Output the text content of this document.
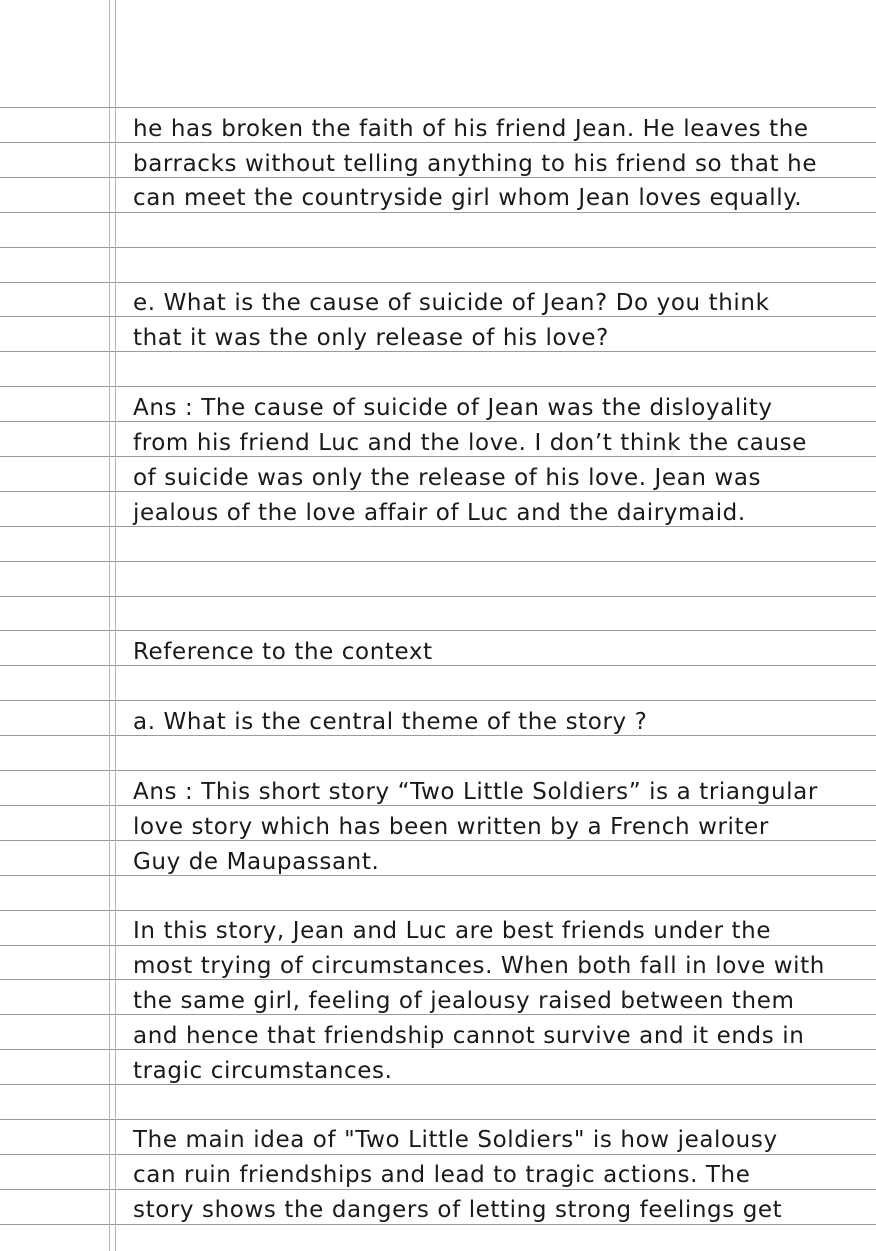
he has broken the faith of his friend Jean. He leaves the
barracks without telling anything to his friend so that he
can meet the countryside girl whom Jean loves equally.
e. What is the cause of suicide of Jean? Do you think
that it was the only release of his love?
Ans : The cause of suicide of Jean was the disloyality
from his friend Luc and the love. I don’t think the cause
of suicide was only the release of his love. Jean was
jealous of the love affair of Luc and the dairymaid.
Reference to the context
a. What is the central theme of the story ?
Ans : This short story “Two Little Soldiers” is a triangular
love story which has been written by a French writer
Guy de Maupassant.
In this story, Jean and Luc are best friends under the
most trying of circumstances. When both fall in love with
the same girl, feeling of jealousy raised between them
and hence that friendship cannot survive and it ends in
tragic circumstances.
The main idea of "Two Little Soldiers" is how jealousy
can ruin friendships and lead to tragic actions. The
story shows the dangers of letting strong feelings get
